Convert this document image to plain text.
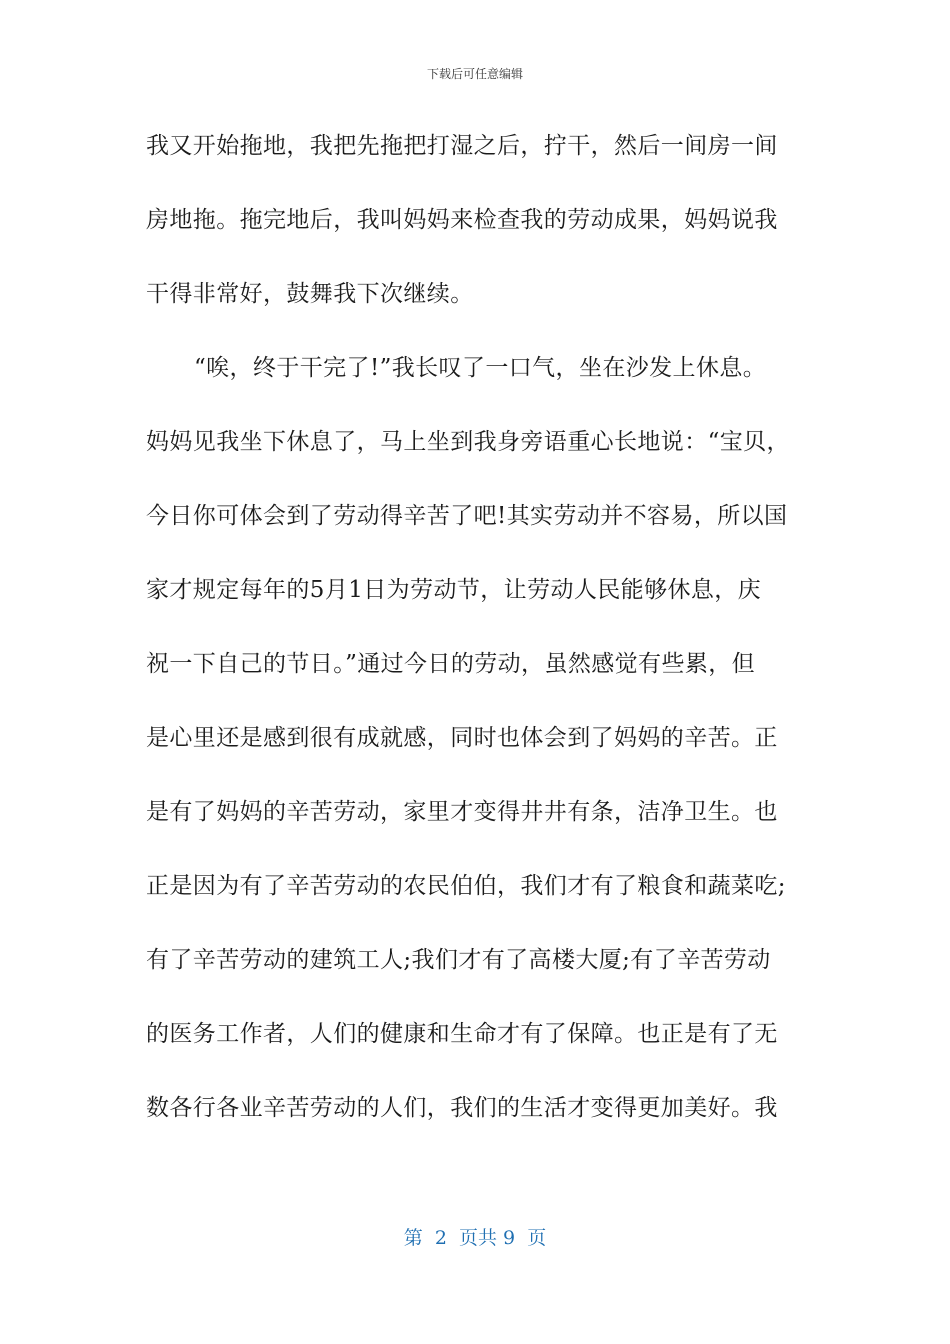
下载后可任意编辑
我又开始拖地，我把先拖把打湿之后，拧干，然后一间房一间
房地拖。拖完地后，我叫妈妈来检查我的劳动成果，妈妈说我
干得非常好，鼓舞我下次继续。
“唉，终于干完了!”我长叹了一口气，坐在沙发上休息。
妈妈见我坐下休息了，马上坐到我身旁语重心长地说：“宝贝，
今日你可体会到了劳动得辛苦了吧!其实劳动并不容易，所以国
家才规定每年的5月1日为劳动节，让劳动人民能够休息，庆
祝一下自己的节日。”通过今日的劳动，虽然感觉有些累，但
是心里还是感到很有成就感，同时也体会到了妈妈的辛苦。正
是有了妈妈的辛苦劳动，家里才变得井井有条，洁净卫生。也
正是因为有了辛苦劳动的农民伯伯，我们才有了粮食和蔬菜吃;
有了辛苦劳动的建筑工人;我们才有了高楼大厦;有了辛苦劳动
的医务工作者，人们的健康和生命才有了保障。也正是有了无
数各行各业辛苦劳动的人们，我们的生活才变得更加美好。我
第  2  页共 9  页
